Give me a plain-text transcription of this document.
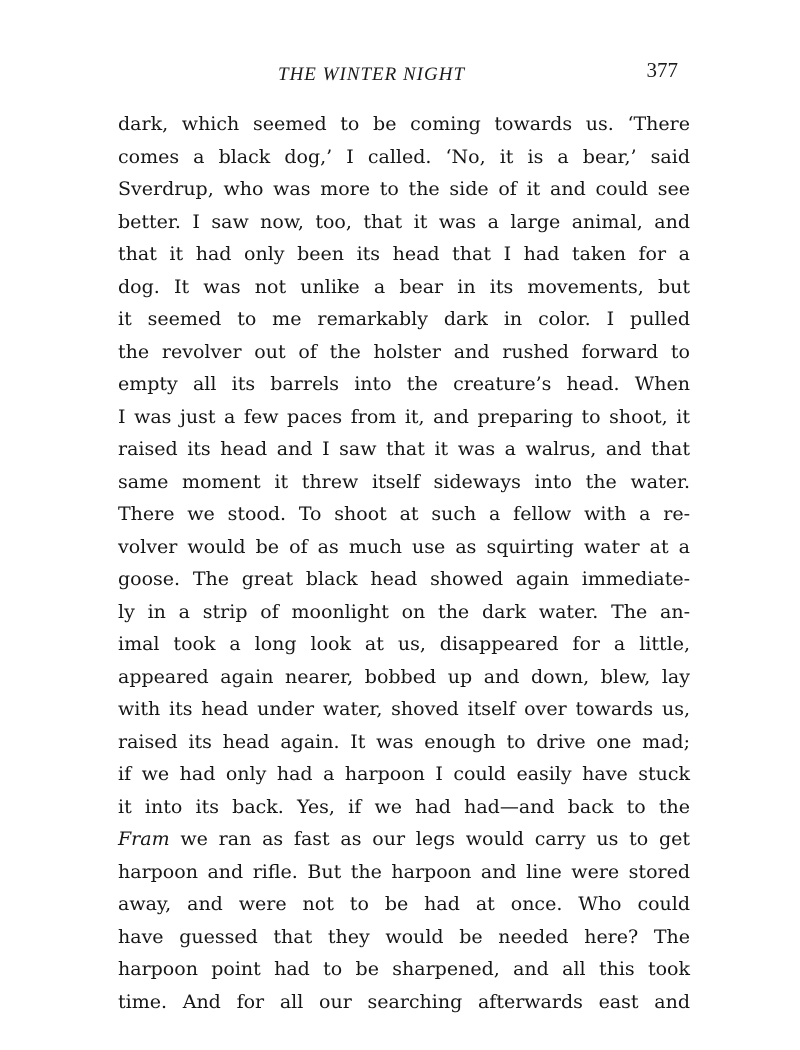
THE WINTER NIGHT	377
dark, which seemed to be coming towards us. ‘There
comes a black dog,’ I called. ‘No, it is a bear,’ said
Sverdrup, who was more to the side of it and could see
better. I saw now, too, that it was a large animal, and
that it had only been its head that I had taken for a
dog. It was not unlike a bear in its movements, but
it seemed to me remarkably dark in color. I pulled
the revolver out of the holster and rushed forward to
empty all its barrels into the creature’s head. When
I was just a few paces from it, and preparing to shoot, it
raised its head and I saw that it was a walrus, and that
same moment it threw itself sideways into the water.
There we stood. To shoot at such a fellow with a re-
volver would be of as much use as squirting water at a
goose. The great black head showed again immediate-
ly in a strip of moonlight on the dark water. The an-
imal took a long look at us, disappeared for a little,
appeared again nearer, bobbed up and down, blew, lay
with its head under water, shoved itself over towards us,
raised its head again. It was enough to drive one mad;
if we had only had a harpoon I could easily have stuck
it into its back. Yes, if we had had—and back to the
Fram we ran as fast as our legs would carry us to get
harpoon and rifle. But the harpoon and line were stored
away, and were not to be had at once. Who could
have guessed that they would be needed here? The
harpoon point had to be sharpened, and all this took
time. And for all our searching afterwards east and
